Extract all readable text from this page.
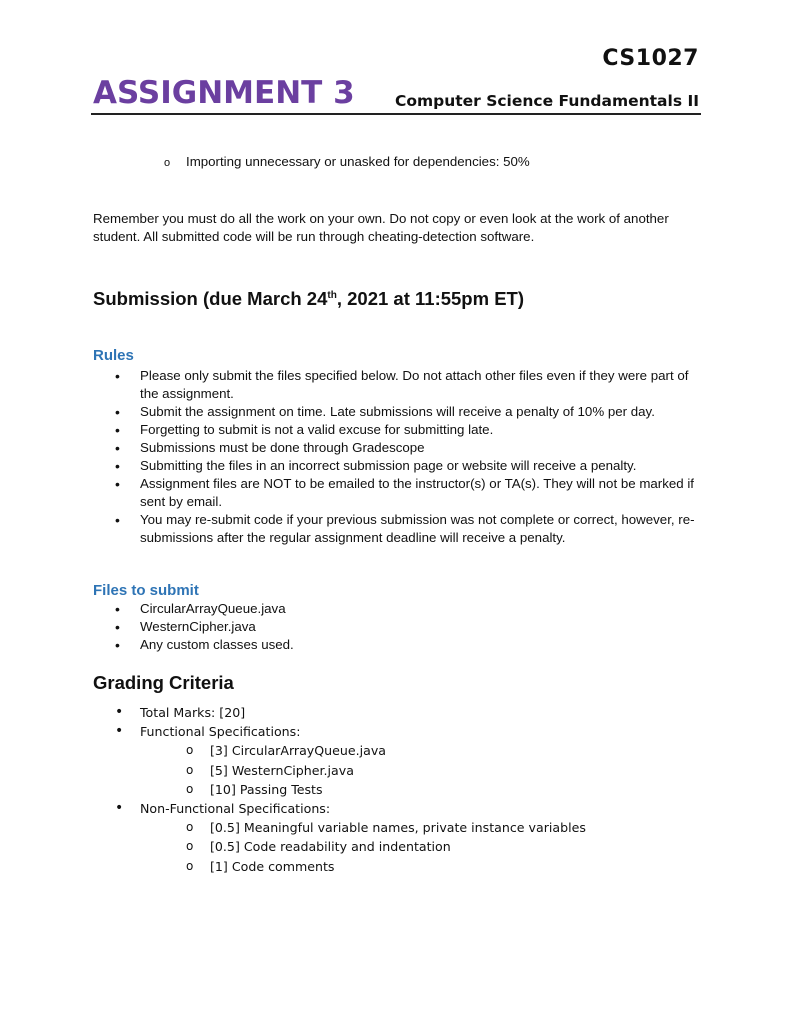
CS1027
ASSIGNMENT 3	Computer Science Fundamentals II
o Importing unnecessary or unasked for dependencies: 50%
Remember you must do all the work on your own. Do not copy or even look at the work of another student. All submitted code will be run through cheating-detection software.
Submission (due March 24th, 2021 at 11:55pm ET)
Rules
• Please only submit the files specified below. Do not attach other files even if they were part of the assignment.
• Submit the assignment on time. Late submissions will receive a penalty of 10% per day.
• Forgetting to submit is not a valid excuse for submitting late.
• Submissions must be done through Gradescope
• Submitting the files in an incorrect submission page or website will receive a penalty.
• Assignment files are NOT to be emailed to the instructor(s) or TA(s). They will not be marked if sent by email.
• You may re-submit code if your previous submission was not complete or correct, however, re-submissions after the regular assignment deadline will receive a penalty.
Files to submit
• CircularArrayQueue.java
• WesternCipher.java
• Any custom classes used.
Grading Criteria
• Total Marks: [20]
• Functional Specifications:
o [3] CircularArrayQueue.java
o [5] WesternCipher.java
o [10] Passing Tests
• Non-Functional Specifications:
o [0.5] Meaningful variable names, private instance variables
o [0.5] Code readability and indentation
o [1] Code comments
